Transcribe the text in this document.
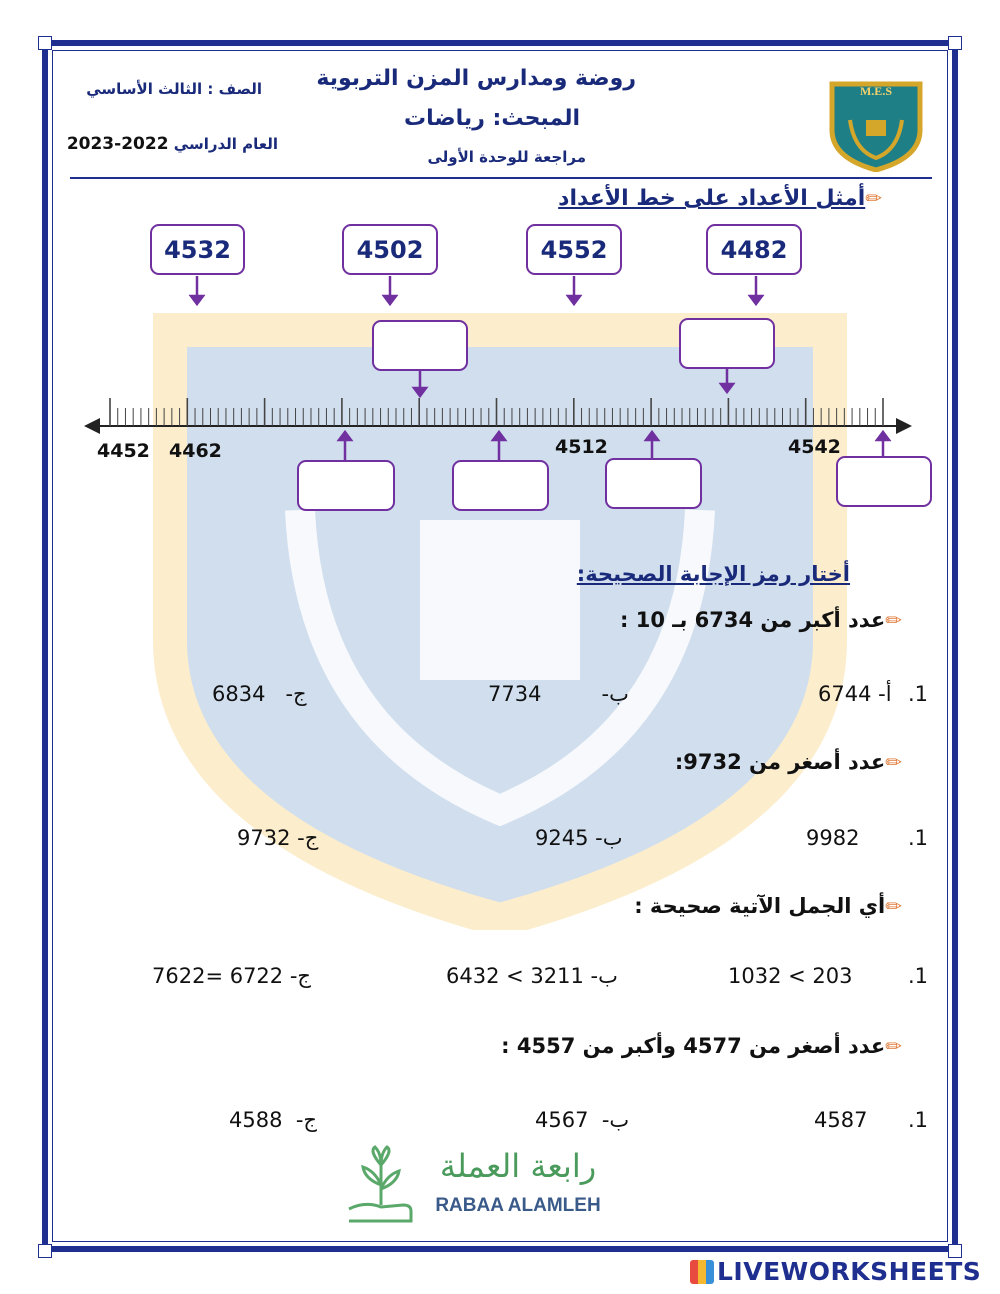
M.E.S
روضة ومدارس المزن التربوية
المبحث: رياضات
مراجعة للوحدة الأولى
الصف : الثالث الأساسي
العام الدراسي 2022-2023
✏أمثل الأعداد على خط الأعداد
4532	4502	4552	4482
4452 4462	4512	4542
أختار رمز الإجابة الصحيحة:
✏عدد أكبر من 6734 بـ 10 :
.1
أ- 6744
ب-         7734
ج-   6834
✏عدد أصغر من 9732:
.1
9982
ب- 9245
ج- 9732
✏أي الجمل الآتية صحيحة :
.1
1032 < 203
ب- 6432 < 3211
ج- 7622= 6722
✏عدد أصغر من 4577 وأكبر من 4557 :
.1
4587
ب-  4567
ج-  4588
رابعة العملة
RABAA ALAMLEH
LIVEWORKSHEETS
